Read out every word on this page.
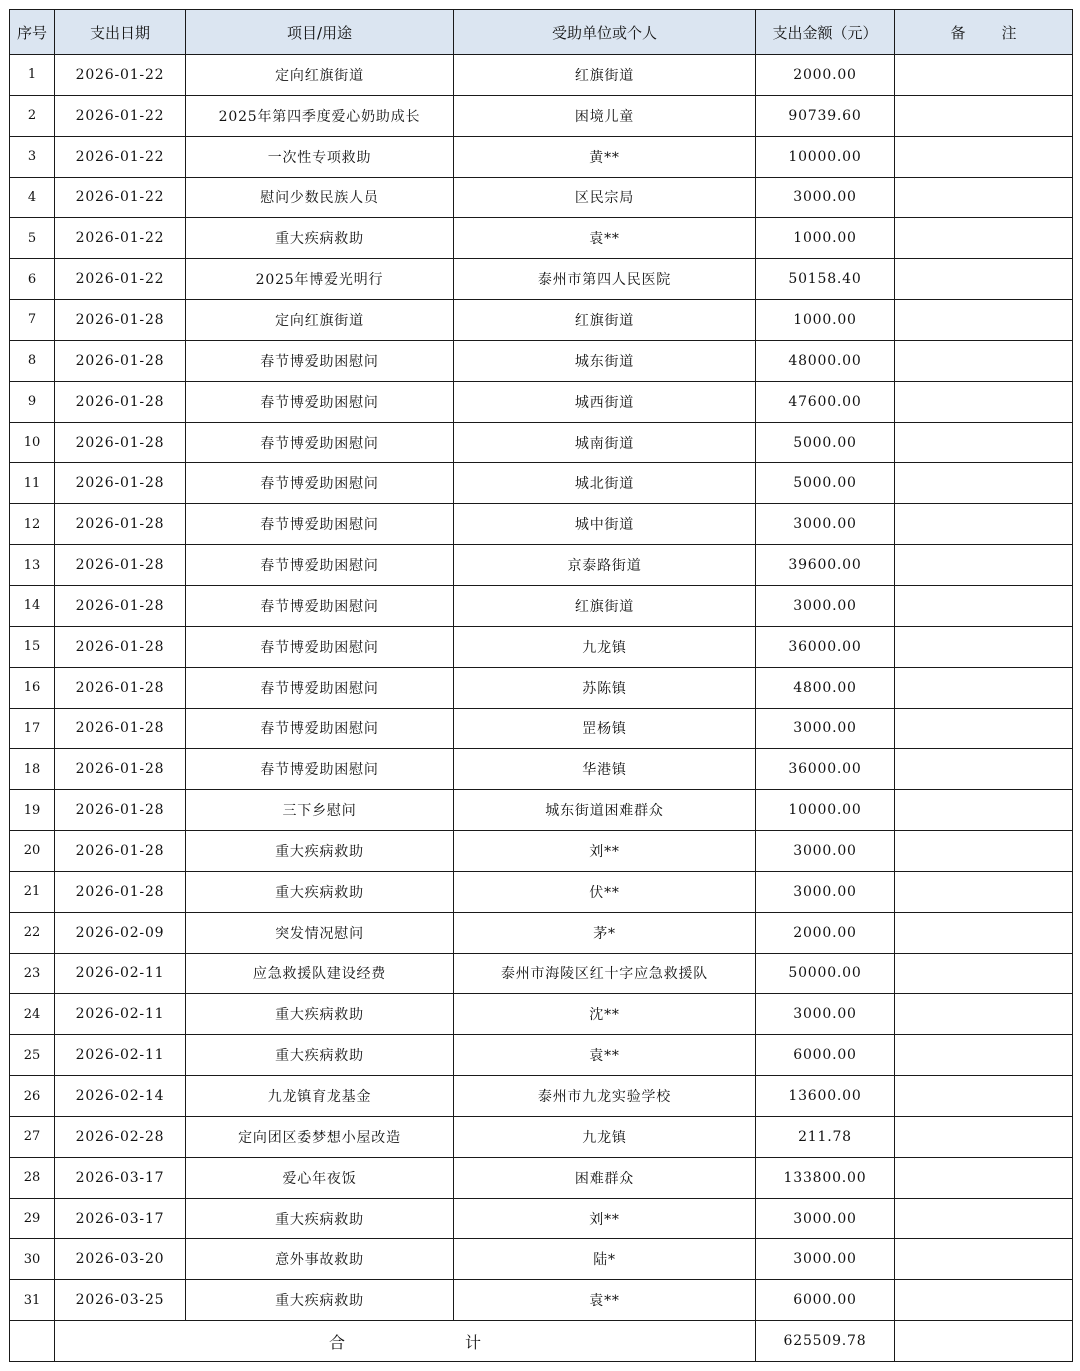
序号	支出日期	项目/用途	受助单位或个人	支出金额（元）	备 注
1	2026-01-22	定向红旗街道	红旗街道	2000.00	
2	2026-01-22	2025年第四季度爱心奶助成长	困境儿童	90739.60	
3	2026-01-22	一次性专项救助	黄**	10000.00	
4	2026-01-22	慰问少数民族人员	区民宗局	3000.00	
5	2026-01-22	重大疾病救助	袁**	1000.00	
6	2026-01-22	2025年博爱光明行	泰州市第四人民医院	50158.40	
7	2026-01-28	定向红旗街道	红旗街道	1000.00	
8	2026-01-28	春节博爱助困慰问	城东街道	48000.00	
9	2026-01-28	春节博爱助困慰问	城西街道	47600.00	
10	2026-01-28	春节博爱助困慰问	城南街道	5000.00	
11	2026-01-28	春节博爱助困慰问	城北街道	5000.00	
12	2026-01-28	春节博爱助困慰问	城中街道	3000.00	
13	2026-01-28	春节博爱助困慰问	京泰路街道	39600.00	
14	2026-01-28	春节博爱助困慰问	红旗街道	3000.00	
15	2026-01-28	春节博爱助困慰问	九龙镇	36000.00	
16	2026-01-28	春节博爱助困慰问	苏陈镇	4800.00	
17	2026-01-28	春节博爱助困慰问	罡杨镇	3000.00	
18	2026-01-28	春节博爱助困慰问	华港镇	36000.00	
19	2026-01-28	三下乡慰问	城东街道困难群众	10000.00	
20	2026-01-28	重大疾病救助	刘**	3000.00	
21	2026-01-28	重大疾病救助	伏**	3000.00	
22	2026-02-09	突发情况慰问	茅*	2000.00	
23	2026-02-11	应急救援队建设经费	泰州市海陵区红十字应急救援队	50000.00	
24	2026-02-11	重大疾病救助	沈**	3000.00	
25	2026-02-11	重大疾病救助	袁**	6000.00	
26	2026-02-14	九龙镇育龙基金	泰州市九龙实验学校	13600.00	
27	2026-02-28	定向团区委梦想小屋改造	九龙镇	211.78	
28	2026-03-17	爱心年夜饭	困难群众	133800.00	
29	2026-03-17	重大疾病救助	刘**	3000.00	
30	2026-03-20	意外事故救助	陆*	3000.00	
31	2026-03-25	重大疾病救助	袁**	6000.00	
	合 计			625509.78	
